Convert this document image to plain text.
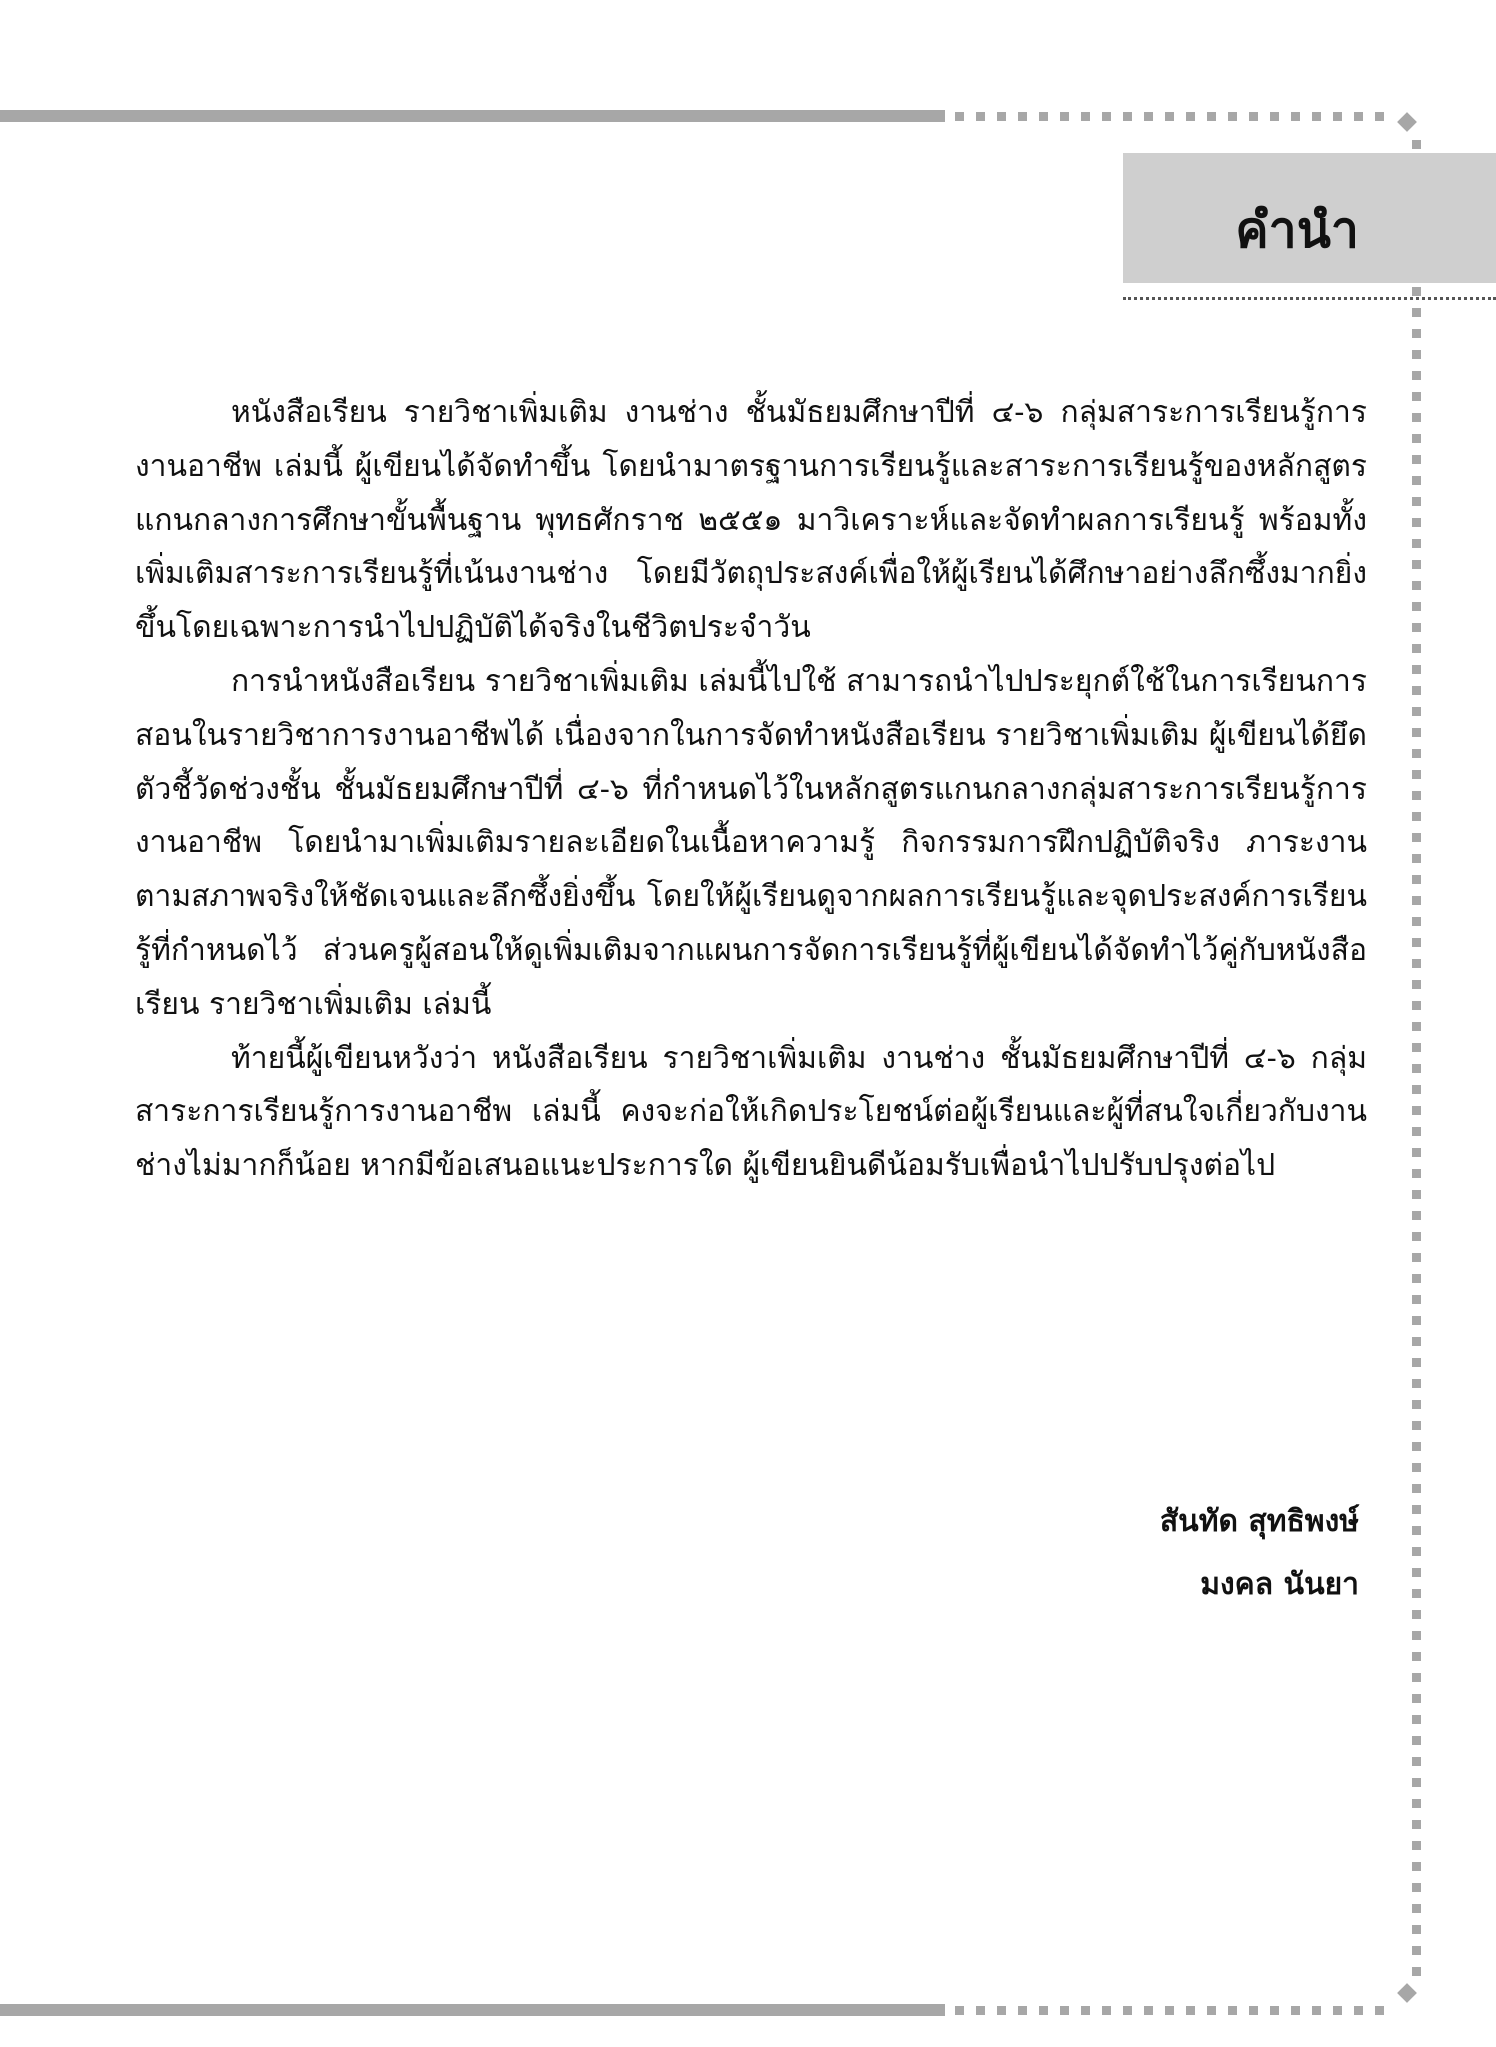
คำนำ

หนังสือเรียน รายวิชาเพิ่มเติม งานช่าง ชั้นมัธยมศึกษาปีที่ ๔-๖ กลุ่มสาระการเรียนรู้การงานอาชีพ เล่มนี้ ผู้เขียนได้จัดทำขึ้น โดยนำมาตรฐานการเรียนรู้และสาระการเรียนรู้ของหลักสูตรแกนกลางการศึกษาขั้นพื้นฐาน พุทธศักราช ๒๕๕๑ มาวิเคราะห์และจัดทำผลการเรียนรู้ พร้อมทั้งเพิ่มเติมสาระการเรียนรู้ที่เน้นงานช่าง โดยมีวัตถุประสงค์เพื่อให้ผู้เรียนได้ศึกษาอย่างลึกซึ้งมากยิ่งขึ้นโดยเฉพาะการนำไปปฏิบัติได้จริงในชีวิตประจำวัน

การนำหนังสือเรียน รายวิชาเพิ่มเติม เล่มนี้ไปใช้ สามารถนำไปประยุกต์ใช้ในการเรียนการสอนในรายวิชาการงานอาชีพได้ เนื่องจากในการจัดทำหนังสือเรียน รายวิชาเพิ่มเติม ผู้เขียนได้ยึดตัวชี้วัดช่วงชั้น ชั้นมัธยมศึกษาปีที่ ๔-๖ ที่กำหนดไว้ในหลักสูตรแกนกลางกลุ่มสาระการเรียนรู้การงานอาชีพ โดยนำมาเพิ่มเติมรายละเอียดในเนื้อหาความรู้ กิจกรรมการฝึกปฏิบัติจริง ภาระงานตามสภาพจริงให้ชัดเจนและลึกซึ้งยิ่งขึ้น โดยให้ผู้เรียนดูจากผลการเรียนรู้และจุดประสงค์การเรียนรู้ที่กำหนดไว้ ส่วนครูผู้สอนให้ดูเพิ่มเติมจากแผนการจัดการเรียนรู้ที่ผู้เขียนได้จัดทำไว้คู่กับหนังสือเรียน รายวิชาเพิ่มเติม เล่มนี้

ท้ายนี้ผู้เขียนหวังว่า หนังสือเรียน รายวิชาเพิ่มเติม งานช่าง ชั้นมัธยมศึกษาปีที่ ๔-๖ กลุ่มสาระการเรียนรู้การงานอาชีพ เล่มนี้ คงจะก่อให้เกิดประโยชน์ต่อผู้เรียนและผู้ที่สนใจเกี่ยวกับงานช่างไม่มากก็น้อย หากมีข้อเสนอแนะประการใด ผู้เขียนยินดีน้อมรับเพื่อนำไปปรับปรุงต่อไป

สันทัด สุทธิพงษ์

มงคล นันยา
